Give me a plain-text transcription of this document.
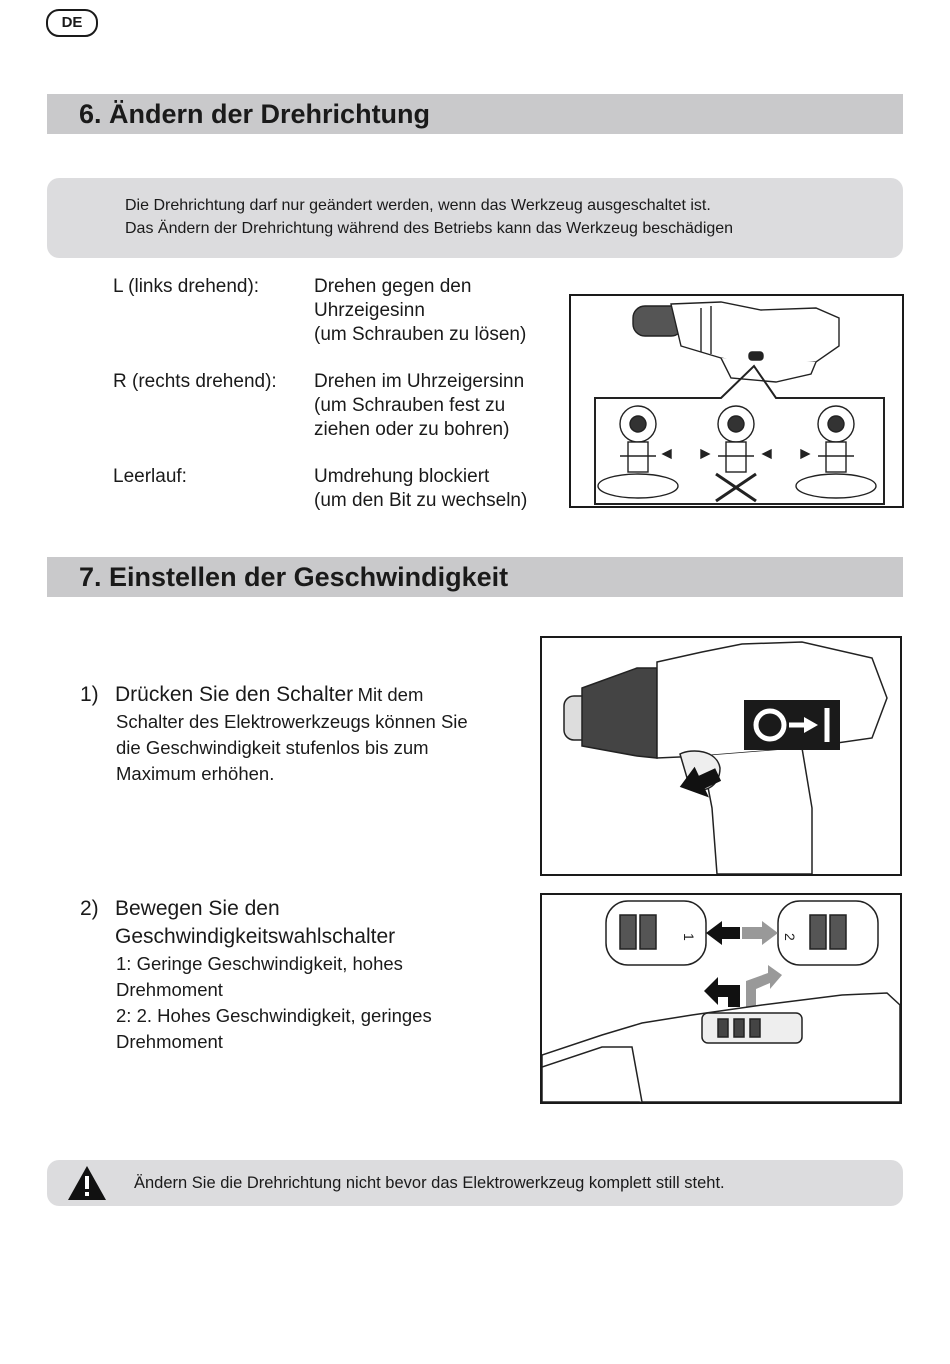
DE
6. Ändern der Drehrichtung
Die Drehrichtung darf nur geändert werden, wenn das Werkzeug ausgeschaltet ist.
Das Ändern der Drehrichtung während des Betriebs kann das Werkzeug beschädigen
L (links drehend):	Drehen gegen den
Uhrzeigesinn
(um Schrauben zu lösen)
R (rechts drehend): Drehen im Uhrzeigersinn
(um Schrauben fest zu
ziehen oder zu bohren)
Leerlauf:	Umdrehung blockiert
(um den Bit zu wechseln)
7. Einstellen der Geschwindigkeit
1) Drücken Sie den Schalter Mit dem
Schalter des Elektrowerkzeugs können Sie
die Geschwindigkeit stufenlos bis zum
Maximum erhöhen.
2) Bewegen Sie den
Geschwindigkeitswahlschalter
1: Geringe Geschwindigkeit, hohes
Drehmoment
2: 2. Hohes Geschwindigkeit, geringes
Drehmoment
1	2
Ändern Sie die Drehrichtung nicht bevor das Elektrowerkzeug komplett still steht.
